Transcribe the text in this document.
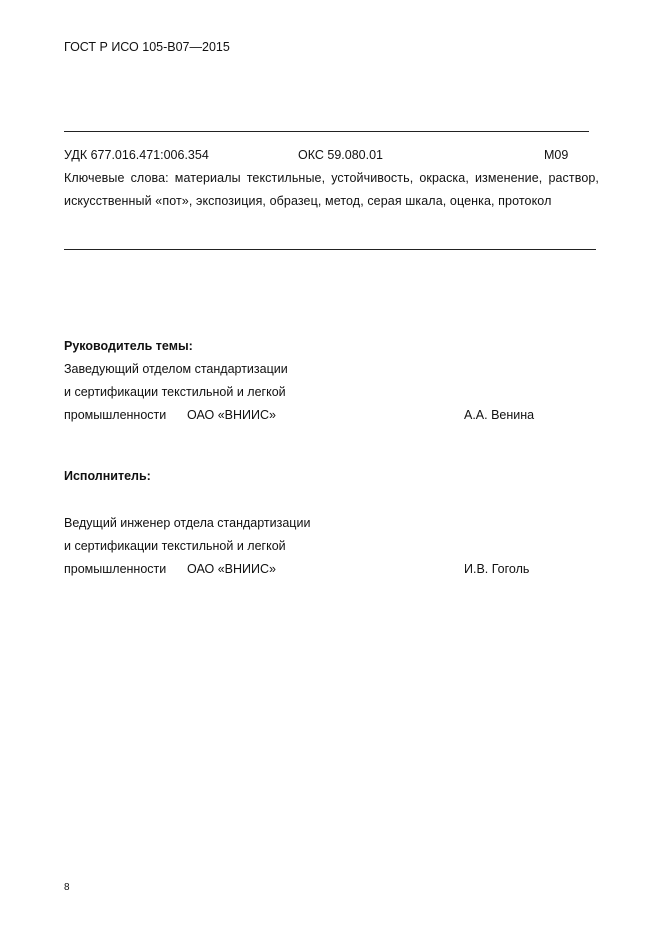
ГОСТ Р ИСО 105-B07—2015
УДК 677.016.471:006.354	ОКС 59.080.01	М09
Ключевые слова: материалы текстильные, устойчивость, окраска, изменение, раствор, искусственный «пот», экспозиция, образец, метод, серая шкала, оценка, протокол
Руководитель темы:
Заведующий отделом стандартизации
и сертификации текстильной и легкой
промышленности ОАО «ВНИИС»	А.А. Венина
Исполнитель:
Ведущий инженер отдела стандартизации
и сертификации текстильной и легкой
промышленности ОАО «ВНИИС»	И.В. Гоголь
8
